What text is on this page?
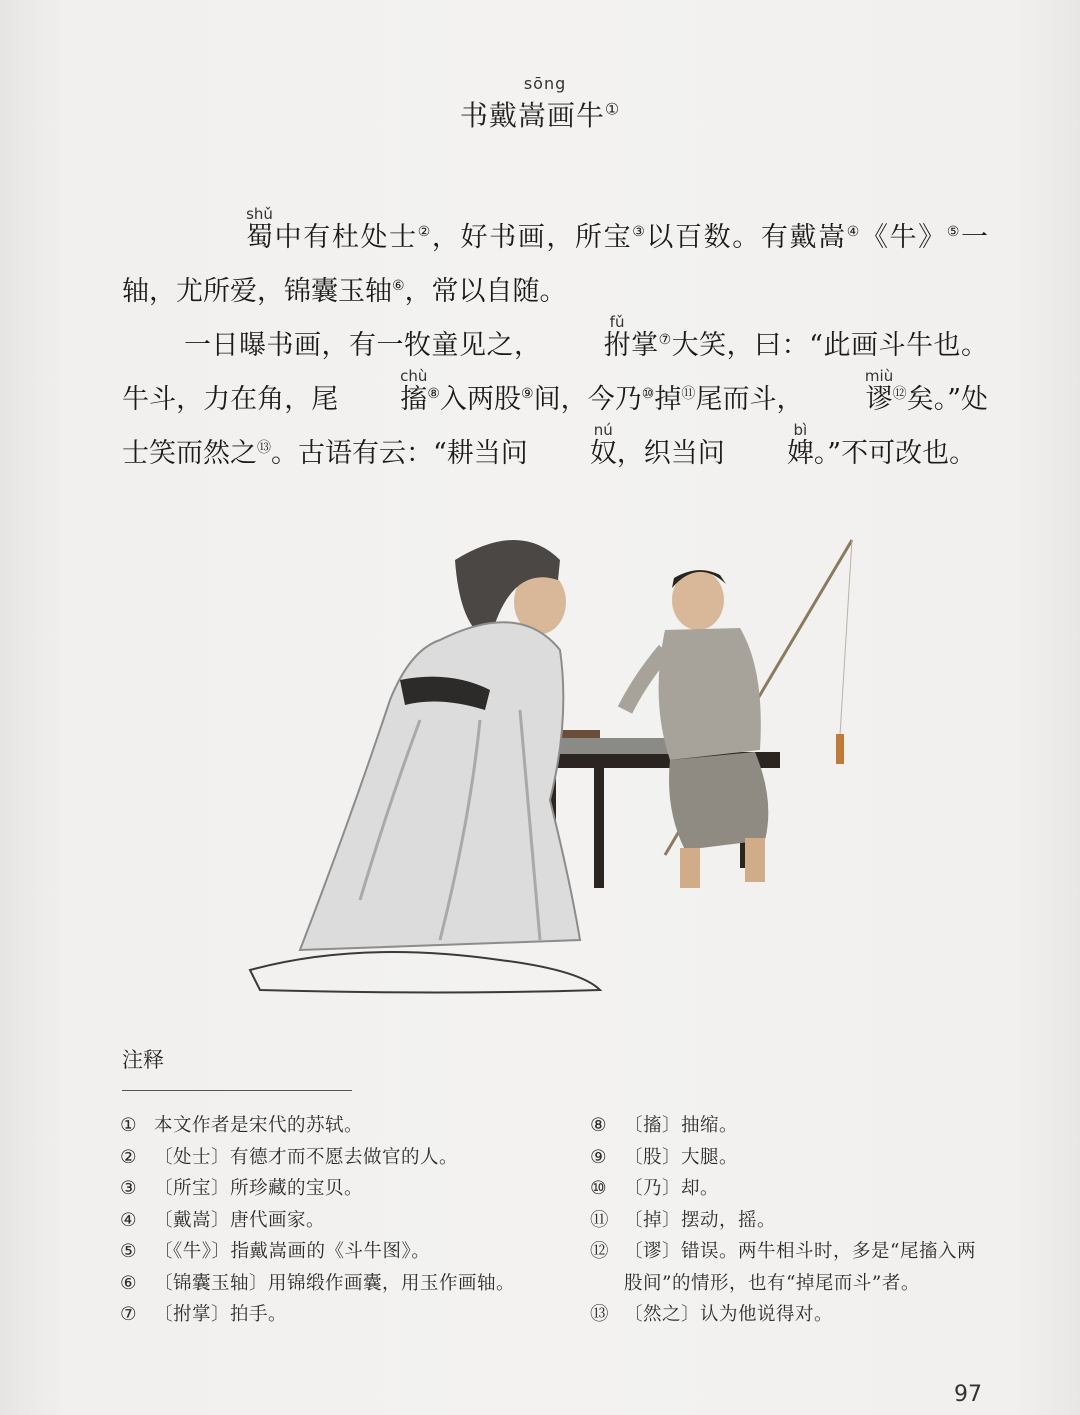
sōng
书戴嵩画牛①

shǔ
蜀中有杜处士②，好书画，所宝③以百数。有戴嵩④《牛》⑤一轴，尤所爱，锦囊玉轴⑥，常以自随。

一日曝书画，有一牧童见之，
fǔ
拊掌⑦大笑，曰：“此画斗牛也。牛斗，力在角，尾
chù
搐⑧入两股⑨间，今乃⑩掉⑪尾而斗，
miù
谬⑫矣。”处士笑而然之⑬。古语有云：“耕当问
nú
奴，织当问
bì
婢。”不可改也。

注释
① 本文作者是宋代的苏轼。
② 〔处士〕有德才而不愿去做官的人。
③ 〔所宝〕所珍藏的宝贝。
④ 〔戴嵩〕唐代画家。
⑤ 〔《牛》〕指戴嵩画的《斗牛图》。
⑥ 〔锦囊玉轴〕用锦缎作画囊，用玉作画轴。
⑦ 〔拊掌〕拍手。
⑧ 〔搐〕抽缩。
⑨ 〔股〕大腿。
⑩ 〔乃〕却。
⑪ 〔掉〕摆动，摇。
⑫ 〔谬〕错误。两牛相斗时，多是“尾搐入两股间”的情形，也有“掉尾而斗”者。
⑬ 〔然之〕认为他说得对。
97
